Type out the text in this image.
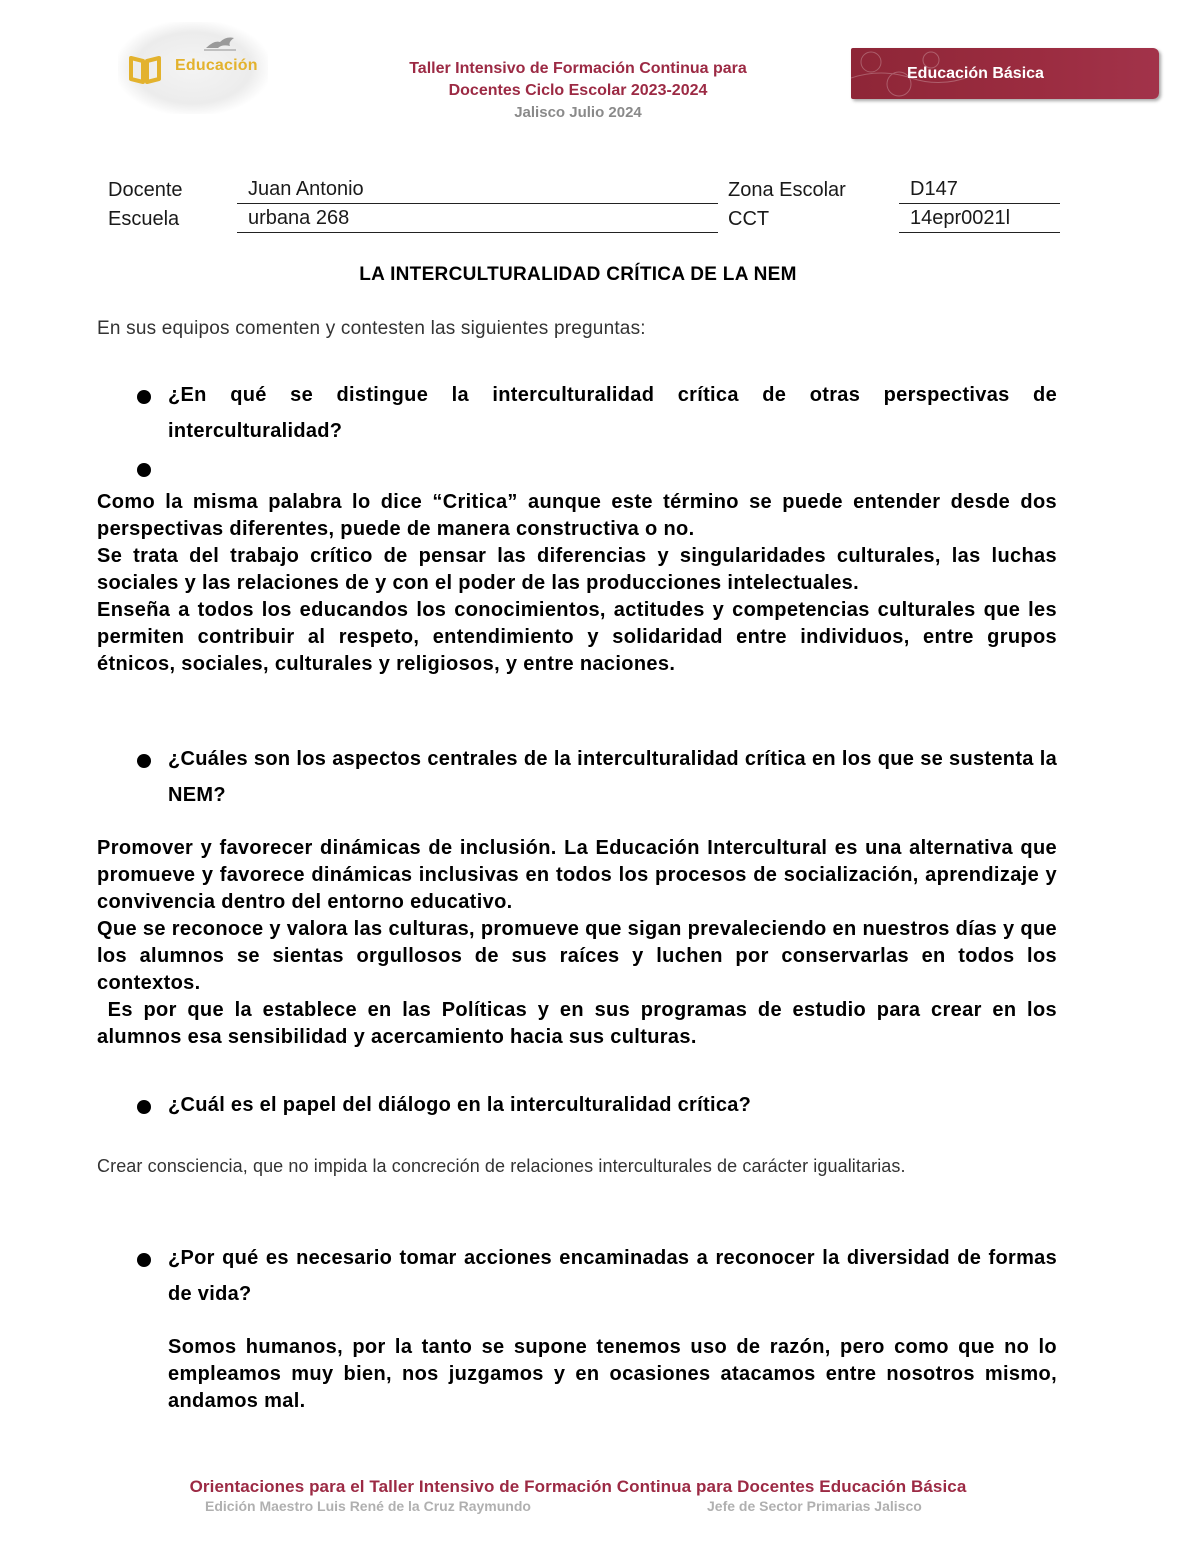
Educación	Taller Intensivo de Formación Continua para
Docentes Ciclo Escolar 2023-2024
Jalisco Julio 2024
Educación Básica
Docente	Juan Antonio	Zona Escolar	D147
Escuela	urbana 268	CCT	14epr0021l
LA INTERCULTURALIDAD CRÍTICA DE LA NEM
En sus equipos comenten y contesten las siguientes preguntas:
¿En qué se distingue la interculturalidad crítica de otras perspectivas de interculturalidad?

Como la misma palabra lo dice “Critica” aunque este término se puede entender desde dos perspectivas diferentes, puede de manera constructiva o no.

Se trata del trabajo crítico de pensar las diferencias y singularidades culturales, las luchas sociales y las relaciones de y con el poder de las producciones intelectuales.

Enseña a todos los educandos los conocimientos, actitudes y competencias culturales que les permiten contribuir al respeto, entendimiento y solidaridad entre individuos, entre grupos étnicos, sociales, culturales y religiosos, y entre naciones.

¿Cuáles son los aspectos centrales de la interculturalidad crítica en los que se sustenta la NEM?

Promover y favorecer dinámicas de inclusión. La Educación Intercultural es una alternativa que promueve y favorece dinámicas inclusivas en todos los procesos de socialización, aprendizaje y convivencia dentro del entorno educativo.

Que se reconoce y valora las culturas, promueve que sigan prevaleciendo en nuestros días y que los alumnos se sientas orgullosos de sus raíces y luchen por conservarlas en todos los contextos.

Es por que la establece en las Políticas y en sus programas de estudio para crear en los alumnos esa sensibilidad y acercamiento hacia sus culturas.

¿Cuál es el papel del diálogo en la interculturalidad crítica?
Crear consciencia, que no impida la concreción de relaciones interculturales de carácter igualitarias.
¿Por qué es necesario tomar acciones encaminadas a reconocer la diversidad de formas de vida?

Somos humanos, por la tanto se supone tenemos uso de razón, pero como que no lo empleamos muy bien, nos juzgamos y en ocasiones atacamos entre nosotros mismo, andamos mal.

Orientaciones para el Taller Intensivo de Formación Continua para Docentes Educación Básica
Edición Maestro Luis René de la Cruz Raymundo	Jefe de Sector Primarias Jalisco
